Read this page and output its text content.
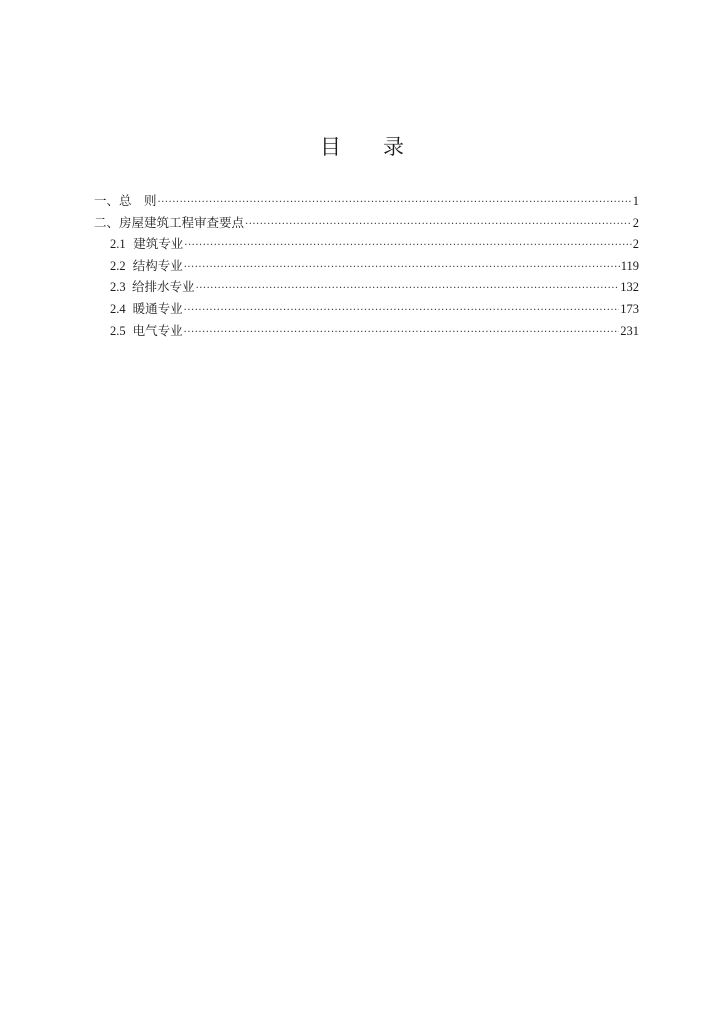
目 录
一、总　则 ·····	1
二、房屋建筑工程审查要点 ·····	2
2.1 建筑专业 ·····	2
2.2 结构专业 ·····	119
2.3 给排水专业 ·····	132
2.4 暖通专业 ·····	173
2.5 电气专业 ·····	231
